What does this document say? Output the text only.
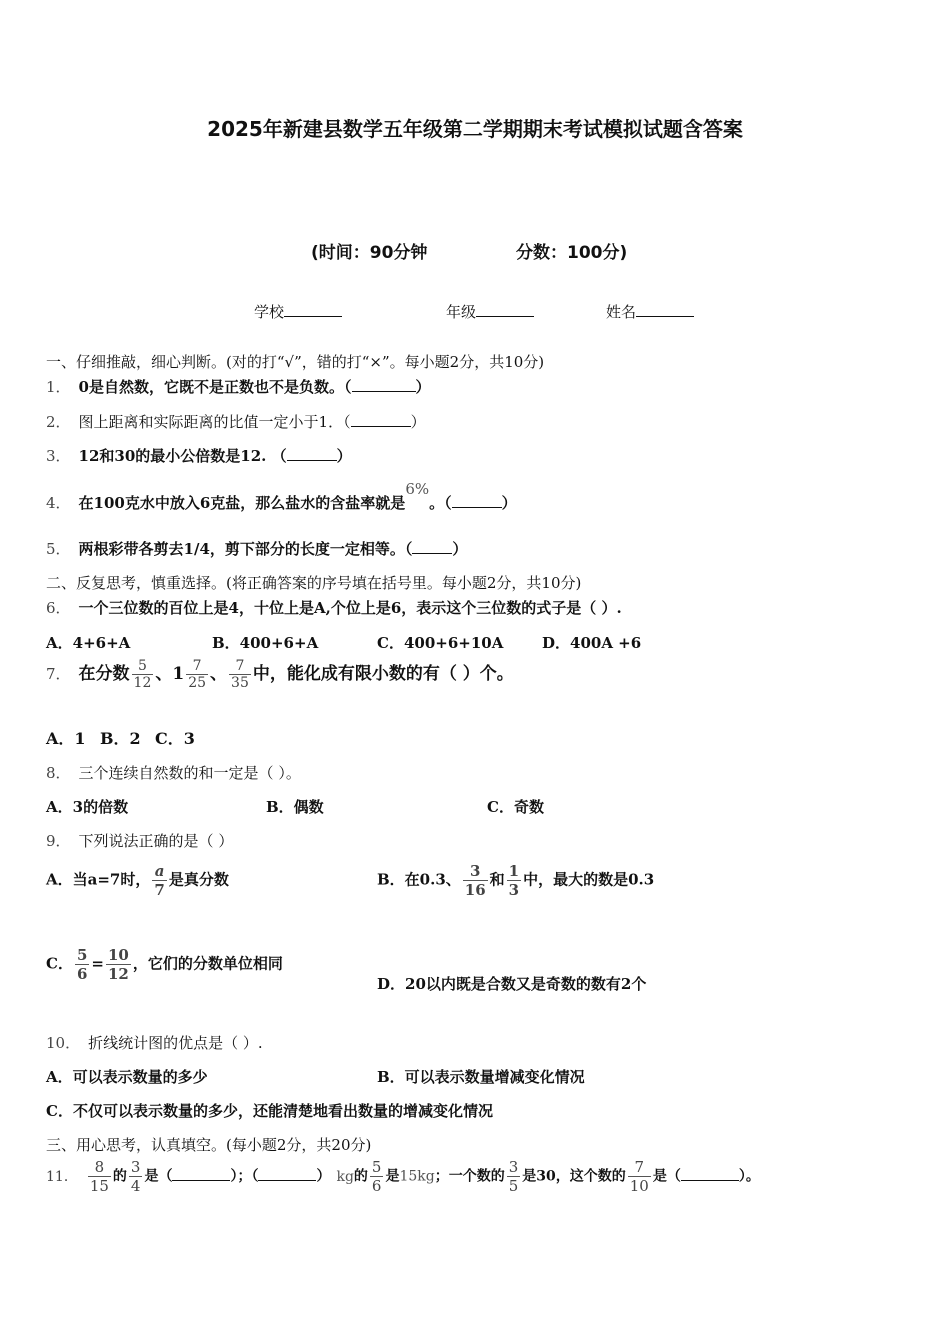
2025年新建县数学五年级第二学期期末考试模拟试题含答案
(时间：90分钟	分数：100分)
学校	年级	姓名
一、仔细推敲，细心判断。(对的打“√”，错的打“×”。每小题2分，共10分)
1． 0是自然数，它既不是正数也不是负数。（	）
2． 图上距离和实际距离的比值一定小于1．（	）
3． 12和30的最小公倍数是12. （	）
4． 在100克水中放入6克盐，那么盐水的含盐率就是6%。（	）
5． 两根彩带各剪去1/4，剪下部分的长度一定相等。（	）
二、反复思考，慎重选择。(将正确答案的序号填在括号里。每小题2分，共10分)
6． 一个三位数的百位上是4，十位上是A,个位上是6，表示这个三位数的式子是（ ）.
A．4+6+A	B．400+6+A	C．400+6+10A	D．400A +6
7． 在分数 $\frac{5}{12}$ 、$1 \frac{7}{25}$ 、 $\frac{7}{35}$ 中，能化成有限小数的有（ ）个。
A．1 B．2 C．3
8． 三个连续自然数的和一定是（ ）。
A．3的倍数	B．偶数	C．奇数
9． 下列说法正确的是（ ）
A．当a=7时， $\frac{a}{7}$ 是真分数	B．在0.3、 $\frac{3}{16}$ 和 $\frac{1}{3}$ 中，最大的数是0.3
C． $\frac{5}{6} = \frac{10}{12}$ ，它们的分数单位相同
D．20以内既是合数又是奇数的数有2个
10． 折线统计图的优点是（ ）.
A．可以表示数量的多少	B．可以表示数量增减变化情况
C．不仅可以表示数量的多少，还能清楚地看出数量的增减变化情况
三、用心思考，认真填空。(每小题2分，共20分)
11． $\frac{8}{15}$ 的 $\frac{3}{4}$ 是（	）；（	） kg的 $\frac{5}{6}$ 是15kg；一个数的 $\frac{3}{5}$ 是30，这个数的 $\frac{7}{10}$ 是（	）。
